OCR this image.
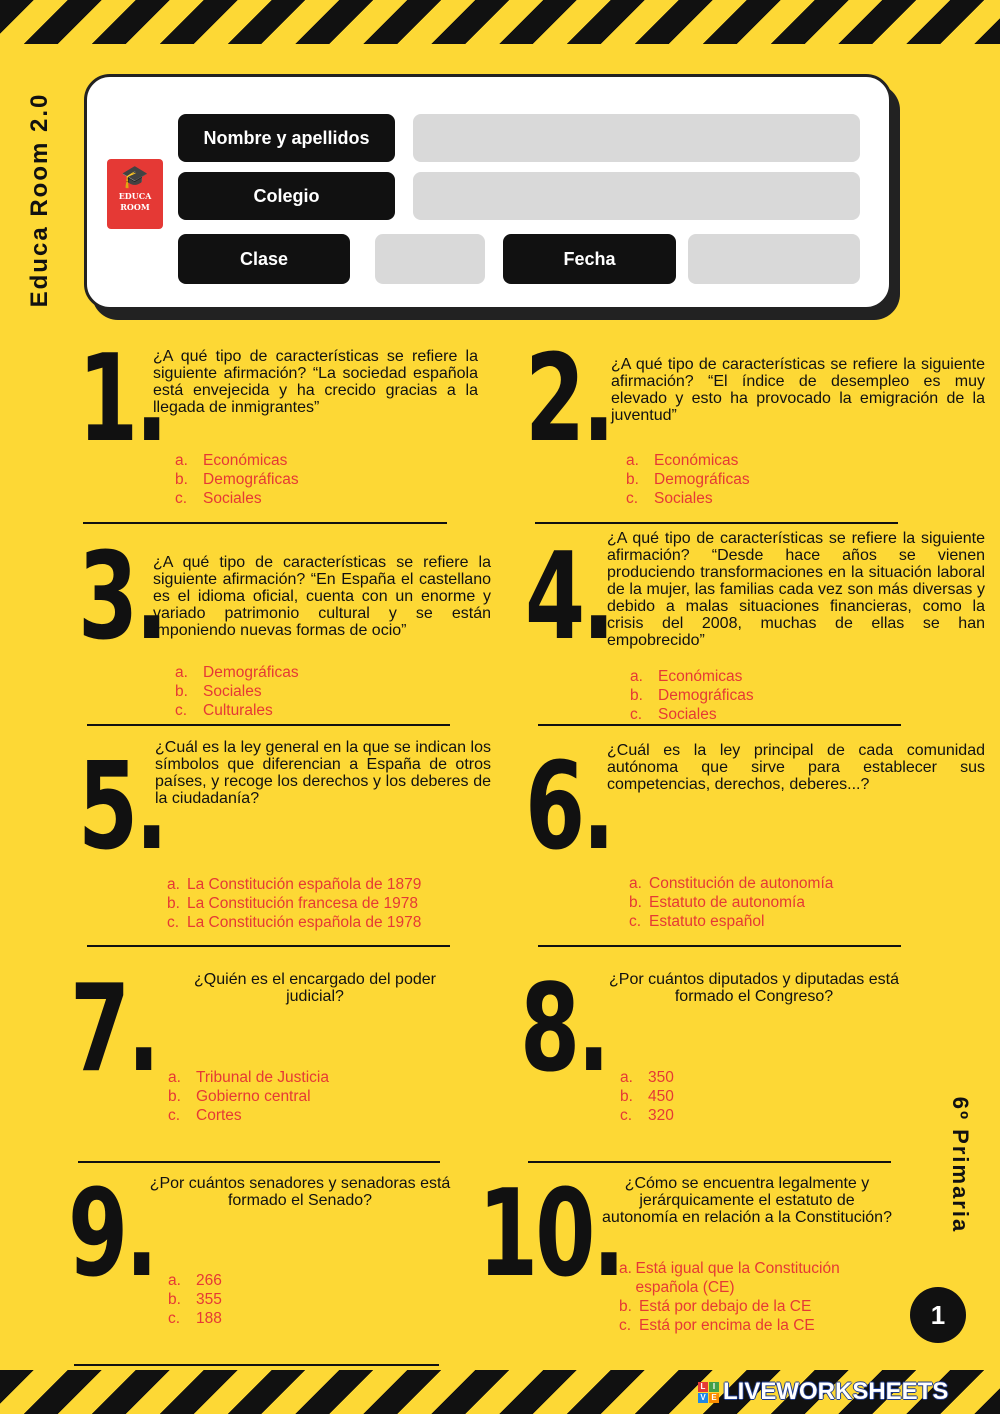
Educa Room 2.0
6º Primaria
🎓
EDUCA
ROOM
Nombre y apellidos
Colegio
Clase	Fecha
1.
¿A qué tipo de características se refiere la siguiente afirmación? “La sociedad española está envejecida y ha crecido gracias a la llegada de inmigrantes”
a. Económicas
b. Demográficas
c.	Sociales
2.
¿A qué tipo de características se refiere la siguiente afirmación? “El índice de desempleo es muy elevado y esto ha provocado la emigración de la juventud”
a. Económicas
b. Demográficas
c.	Sociales
3.
¿A qué tipo de características se refiere la siguiente afirmación? “En España el castellano es el idioma oficial, cuenta con un enorme y variado patrimonio cultural y se están imponiendo nuevas formas de ocio”
a. Demográficas
b. Sociales
c.	Culturales
4.
¿A qué tipo de características se refiere la siguiente afirmación? “Desde hace años se vienen produciendo transformaciones en la situación laboral de la mujer, las familias cada vez son más diversas y debido a malas situaciones financieras, como la crisis del 2008, muchas de ellas se han empobrecido”
a. Económicas
b. Demográficas
c.	Sociales
5.
¿Cuál es la ley general en la que se indican los símbolos que diferencian a España de otros países, y recoge los derechos y los deberes de la ciudadanía?
a. La Constitución española de 1879
b. La Constitución francesa de 1978
c. La Constitución española de 1978
6.
¿Cuál es la ley principal de cada comunidad autónoma que sirve para establecer sus competencias, derechos, deberes...?
a. Constitución de autonomía
b. Estatuto de autonomía
c. Estatuto español
7.	¿Quién es el encargado del poder judicial?
a. Tribunal de Justicia
b. Gobierno central
c.	Cortes
8. ¿Por cuántos diputados y diputadas está formado el Congreso?
a. 350
b. 450
c.	320
9.
¿Por cuántos senadores y senadoras está formado el Senado?
a. 266
b. 355
c.	188
10. ¿Cómo se encuentra legalmente y jerárquicamente el estatuto de autonomía en relación a la Constitución?
a. Está igual que la Constitución española (CE)
b. Está por debajo de la CE
c. Está por encima de la CE	1
L I
V E LIVEWORKSHEETS
